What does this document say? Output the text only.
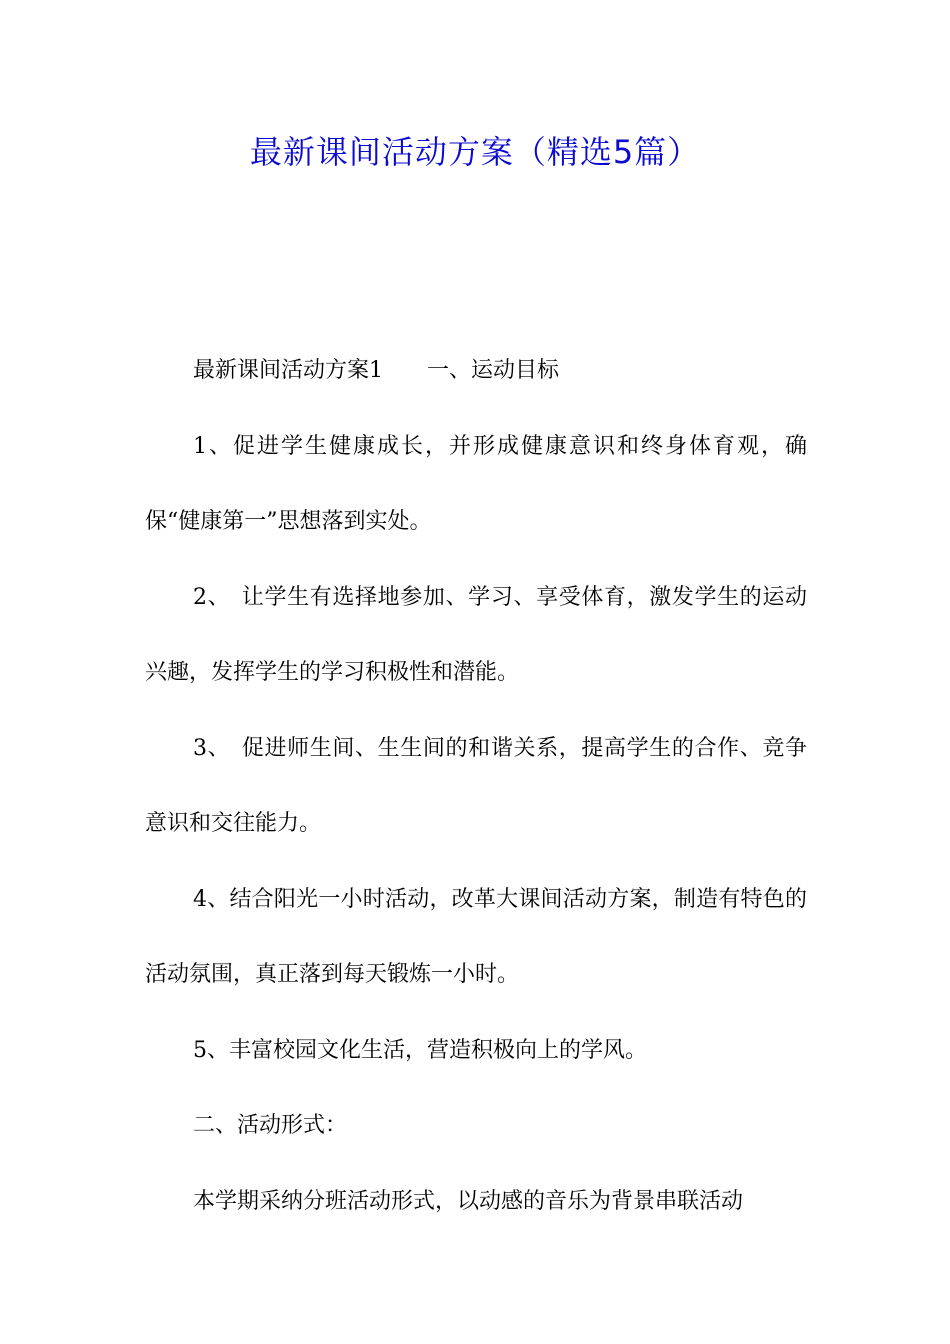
最新课间活动方案（精选5篇）

最新课间活动方案1 一、运动目标

1、促进学生健康成长，并形成健康意识和终身体育观，确保“健康第一”思想落到实处。

2、　让学生有选择地参加、学习、享受体育，激发学生的运动兴趣，发挥学生的学习积极性和潜能。

3、　促进师生间、生生间的和谐关系，提高学生的合作、竞争意识和交往能力。

4、结合阳光一小时活动，改革大课间活动方案，制造有特色的活动氛围，真正落到每天锻炼一小时。

5、丰富校园文化生活，营造积极向上的学风。

二、活动形式：

本学期采纳分班活动形式，以动感的音乐为背景串联活动
